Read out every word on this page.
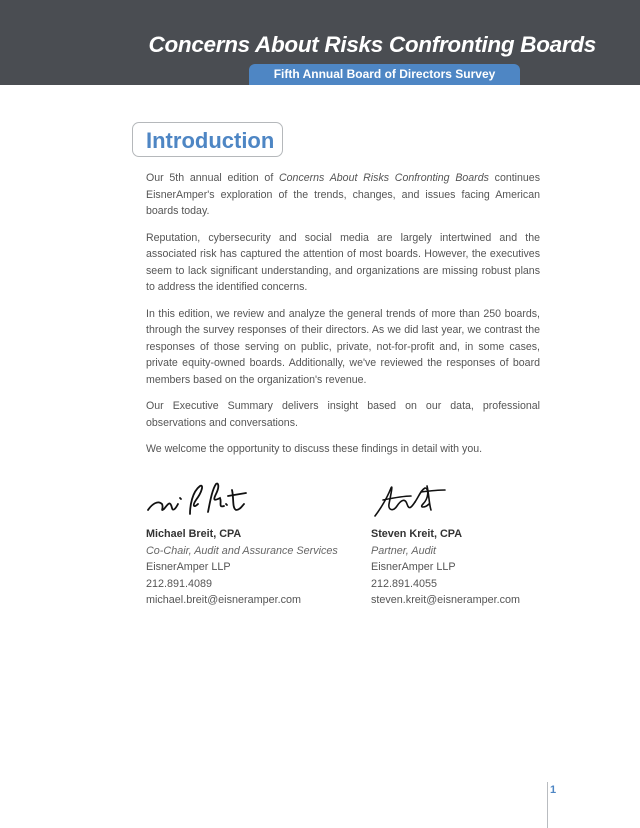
Concerns About Risks Confronting Boards
Fifth Annual Board of Directors Survey
Introduction

Our 5th annual edition of Concerns About Risks Confronting Boards continues EisnerAmper's exploration of the trends, changes, and issues facing American boards today.

Reputation, cybersecurity and social media are largely intertwined and the associated risk has captured the attention of most boards. However, the executives seem to lack significant understanding, and organizations are missing robust plans to address the identified concerns.

In this edition, we review and analyze the general trends of more than 250 boards, through the survey responses of their directors. As we did last year, we contrast the responses of those serving on public, private, not-for-profit and, in some cases, private equity-owned boards. Additionally, we've reviewed the responses of board members based on the organization's revenue.

Our Executive Summary delivers insight based on our data, professional observations and conversations.

We welcome the opportunity to discuss these findings in detail with you.

Michael Breit, CPA
Co-Chair, Audit and Assurance Services
EisnerAmper LLP
212.891.4089
michael.breit@eisneramper.com
Steven Kreit, CPA
Partner, Audit
EisnerAmper LLP
212.891.4055
steven.kreit@eisneramper.com
1
